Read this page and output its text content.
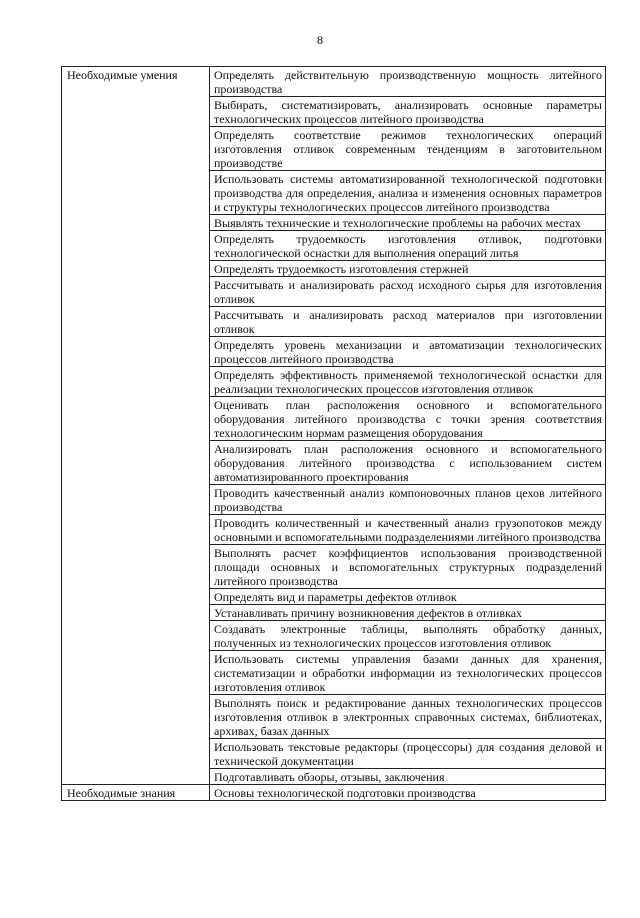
8
Необходимые умения	Определять действительную производственную мощность литейного производства
	Выбирать, систематизировать, анализировать основные параметры технологических процессов литейного производства
	Определять соответствие режимов технологических операций изготовления отливок современным тенденциям в заготовительном производстве
	Использовать системы автоматизированной технологической подготовки производства для определения, анализа и изменения основных параметров и структуры технологических процессов литейного производства
	Выявлять технические и технологические проблемы на рабочих местах
	Определять трудоемкость изготовления отливок, подготовки технологической оснастки для выполнения операций литья
	Определять трудоемкость изготовления стержней
	Рассчитывать и анализировать расход исходного сырья для изготовления отливок
	Рассчитывать и анализировать расход материалов при изготовлении отливок
	Определять уровень механизации и автоматизации технологических процессов литейного производства
	Определять эффективность применяемой технологической оснастки для реализации технологических процессов изготовления отливок
	Оценивать план расположения основного и вспомогательного оборудования литейного производства с точки зрения соответствия технологическим нормам размещения оборудования
	Анализировать план расположения основного и вспомогательного оборудования литейного производства с использованием систем автоматизированного проектирования
	Проводить качественный анализ компоновочных планов цехов литейного производства
	Проводить количественный и качественный анализ грузопотоков между основными и вспомогательными подразделениями литейного производства
	Выполнять расчет коэффициентов использования производственной площади основных и вспомогательных структурных подразделений литейного производства
	Определять вид и параметры дефектов отливок
	Устанавливать причину возникновения дефектов в отливках
	Создавать электронные таблицы, выполнять обработку данных, полученных из технологических процессов изготовления отливок
	Использовать системы управления базами данных для хранения, систематизации и обработки информации из технологических процессов изготовления отливок
	Выполнять поиск и редактирование данных технологических процессов изготовления отливок в электронных справочных системах, библиотеках, архивах, базах данных
	Использовать текстовые редакторы (процессоры) для создания деловой и технической документации
	Подготавливать обзоры, отзывы, заключения
Необходимые знания	Основы технологической подготовки производства
